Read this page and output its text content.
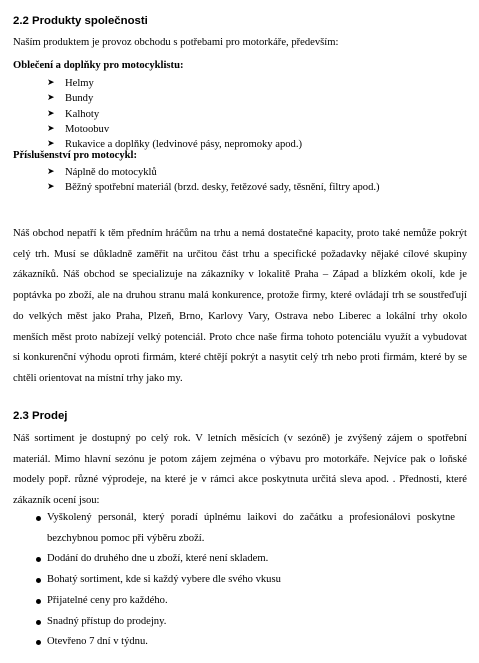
2.2 Produkty společnosti

Naším produktem je provoz obchodu s potřebami pro motorkáře, především:

Oblečení a doplňky pro motocyklistu:

➤ Helmy
➤ Bundy
➤ Kalhoty
➤ Motoobuv
➤ Rukavice a doplňky (ledvinové pásy, nepromoky apod.)

Příslušenství pro motocykl:

➤ Náplně do motocyklů
➤ Běžný spotřební materiál (brzd. desky, řetězové sady, těsnění, filtry apod.)

Náš obchod nepatří k těm předním hráčům na trhu a nemá dostatečné kapacity, proto také nemůže pokrýt celý trh. Musí se důkladně zaměřit na určitou část trhu a specifické požadavky nějaké cílové skupiny zákazníků. Náš obchod se specializuje na zákazníky v lokalitě Praha – Západ a blízkém okolí, kde je poptávka po zboží, ale na druhou stranu malá konkurence, protože firmy, které ovládají trh se soustřeďují do velkých měst jako Praha, Plzeň, Brno, Karlovy Vary, Ostrava nebo Liberec a lokální trhy okolo menších měst proto nabízejí velký potenciál. Proto chce naše firma tohoto potenciálu využít a vybudovat si konkurenční výhodu oproti firmám, které chtějí pokrýt a nasytit celý trh nebo proti firmám, které by se chtěli orientovat na místní trhy jako my.

2.3 Prodej

Náš sortiment je dostupný po celý rok. V letních měsících (v sezóně) je zvýšený zájem o spotřební materiál. Mimo hlavní sezónu je potom zájem zejména o výbavu pro motorkáře. Nejvíce pak o loňské modely popř. různé výprodeje, na které je v rámci akce poskytnuta určitá sleva apod. . Přednosti, které zákazník ocení jsou:

Vyškolený personál, který poradí úplnému laikovi do začátku a profesionálovi poskytne bezchybnou pomoc při výběru zboží.
Dodání do druhého dne u zboží, které není skladem.
Bohatý sortiment, kde si každý vybere dle svého vkusu
Přijatelné ceny pro každého.
Snadný přístup do prodejny.
Otevřeno 7 dní v týdnu.
